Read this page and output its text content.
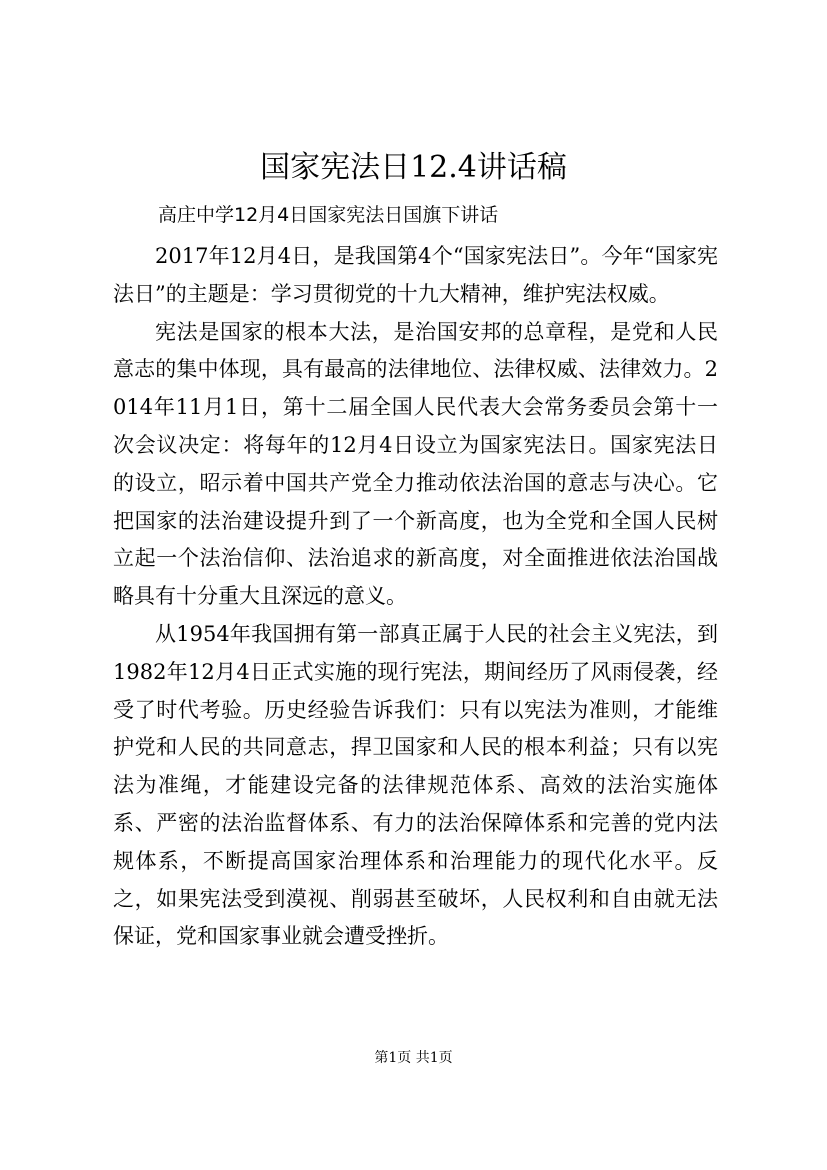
国家宪法日12.4讲话稿
高庄中学12月4日国家宪法日国旗下讲话

2017年12月4日，是我国第4个“国家宪法日”。今年“国家宪法日”的主题是：学习贯彻党的十九大精神，维护宪法权威。

宪法是国家的根本大法，是治国安邦的总章程，是党和人民意志的集中体现，具有最高的法律地位、法律权威、法律效力。2014年11月1日，第十二届全国人民代表大会常务委员会第十一次会议决定：将每年的12月4日设立为国家宪法日。国家宪法日的设立，昭示着中国共产党全力推动依法治国的意志与决心。它把国家的法治建设提升到了一个新高度，也为全党和全国人民树立起一个法治信仰、法治追求的新高度，对全面推进依法治国战略具有十分重大且深远的意义。

从1954年我国拥有第一部真正属于人民的社会主义宪法，到1982年12月4日正式实施的现行宪法，期间经历了风雨侵袭，经受了时代考验。历史经验告诉我们：只有以宪法为准则，才能维护党和人民的共同意志，捍卫国家和人民的根本利益；只有以宪法为准绳，才能建设完备的法律规范体系、高效的法治实施体系、严密的法治监督体系、有力的法治保障体系和完善的党内法规体系，不断提高国家治理体系和治理能力的现代化水平。反之，如果宪法受到漠视、削弱甚至破坏，人民权利和自由就无法保证，党和国家事业就会遭受挫折。

第1页 共1页
